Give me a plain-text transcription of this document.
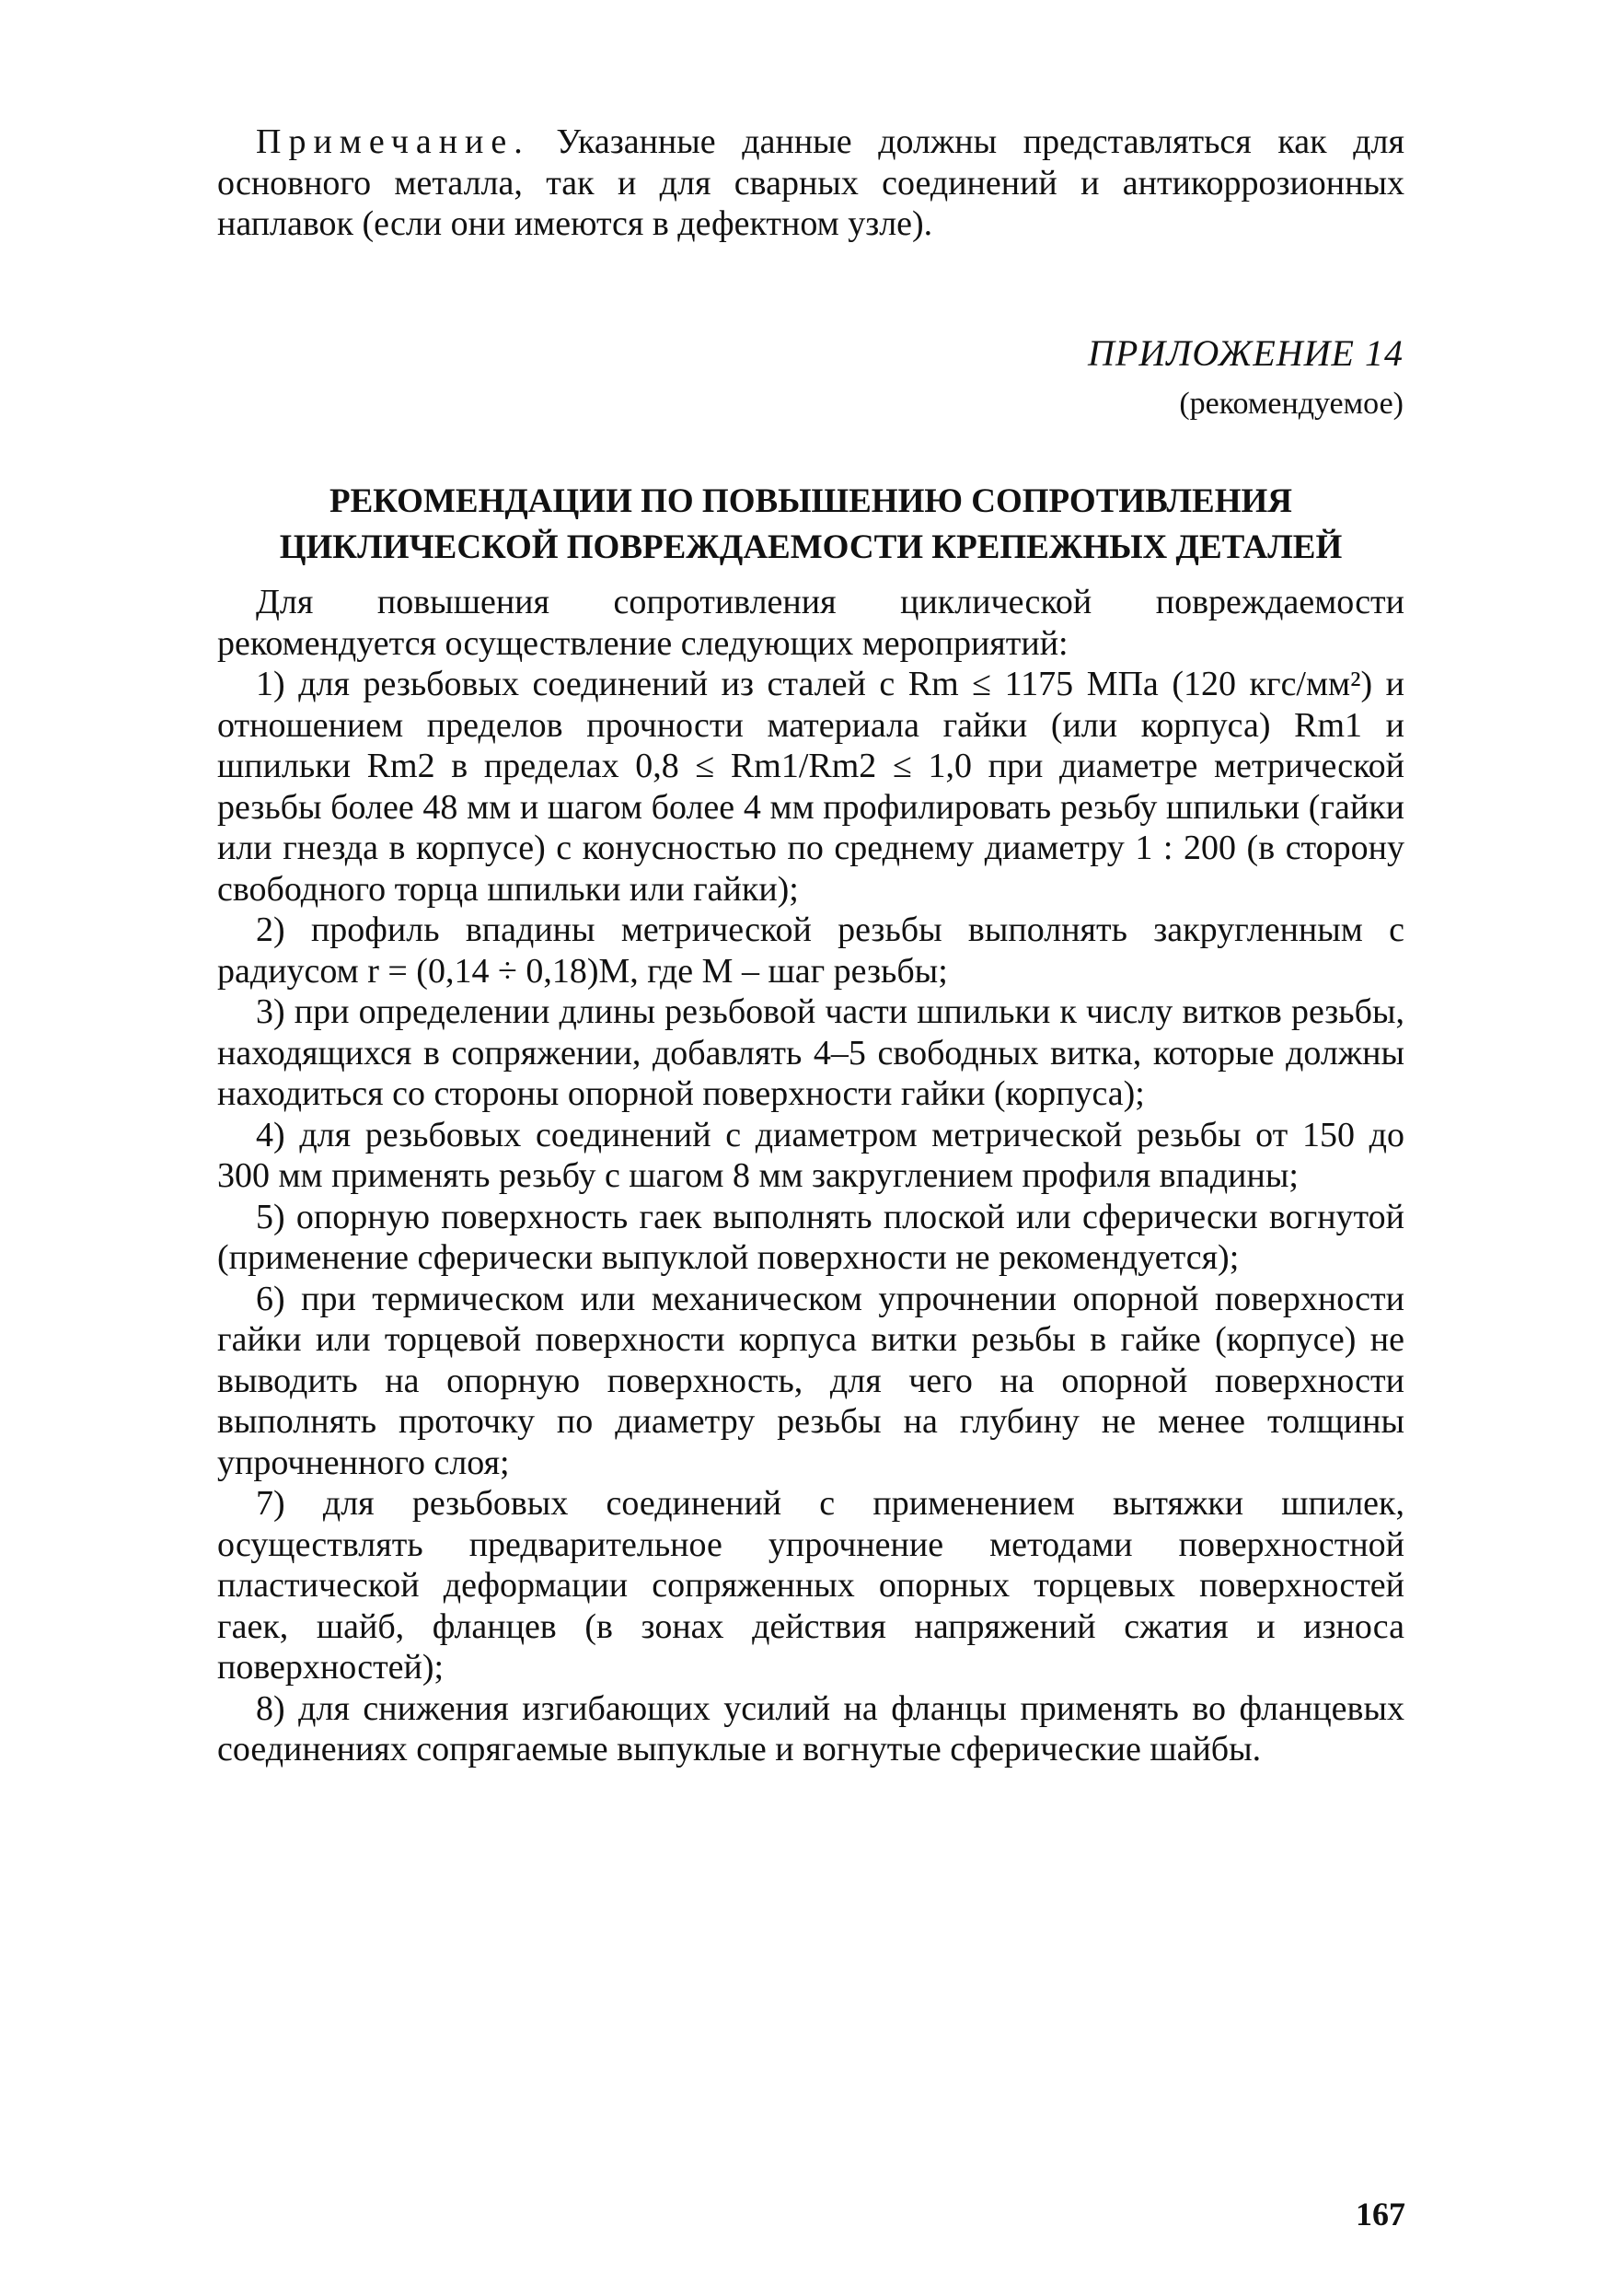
Примечание. Указанные данные должны представляться как для основного металла, так и для сварных соединений и антикоррозионных наплавок (если они имеются в дефектном узле).

ПРИЛОЖЕНИЕ 14

(рекомендуемое)

РЕКОМЕНДАЦИИ ПО ПОВЫШЕНИЮ СОПРОТИВЛЕНИЯ
ЦИКЛИЧЕСКОЙ ПОВРЕЖДАЕМОСТИ КРЕПЕЖНЫХ ДЕТАЛЕЙ

Для повышения сопротивления циклической повреждаемости рекомендуется осуществление следующих мероприятий:

1) для резьбовых соединений из сталей с Rm ≤ 1175 МПа (120 кгс/мм²) и отношением пределов прочности материала гайки (или корпуса) Rm1 и шпильки Rm2 в пределах 0,8 ≤ Rm1/Rm2 ≤ 1,0 при диаметре метрической резьбы более 48 мм и шагом более 4 мм профилировать резьбу шпильки (гайки или гнезда в корпусе) с конусностью по среднему диаметру 1 : 200 (в сторону свободного торца шпильки или гайки);

2) профиль впадины метрической резьбы выполнять закругленным с радиусом r = (0,14 ÷ 0,18)M, где M – шаг резьбы;

3) при определении длины резьбовой части шпильки к числу витков резьбы, находящихся в сопряжении, добавлять 4–5 свободных витка, которые должны находиться со стороны опорной поверхности гайки (корпуса);

4) для резьбовых соединений с диаметром метрической резьбы от 150 до 300 мм применять резьбу с шагом 8 мм закруглением профиля впадины;

5) опорную поверхность гаек выполнять плоской или сферически вогнутой (применение сферически выпуклой поверхности не рекомендуется);

6) при термическом или механическом упрочнении опорной поверхности гайки или торцевой поверхности корпуса витки резьбы в гайке (корпусе) не выводить на опорную поверхность, для чего на опорной поверхности выполнять проточку по диаметру резьбы на глубину не менее толщины упрочненного слоя;

7) для резьбовых соединений с применением вытяжки шпилек, осуществлять предварительное упрочнение методами поверхностной пластической деформации сопряженных опорных торцевых поверхностей гаек, шайб, фланцев (в зонах действия напряжений сжатия и износа поверхностей);

8) для снижения изгибающих усилий на фланцы применять во фланцевых соединениях сопрягаемые выпуклые и вогнутые сферические шайбы.

167
